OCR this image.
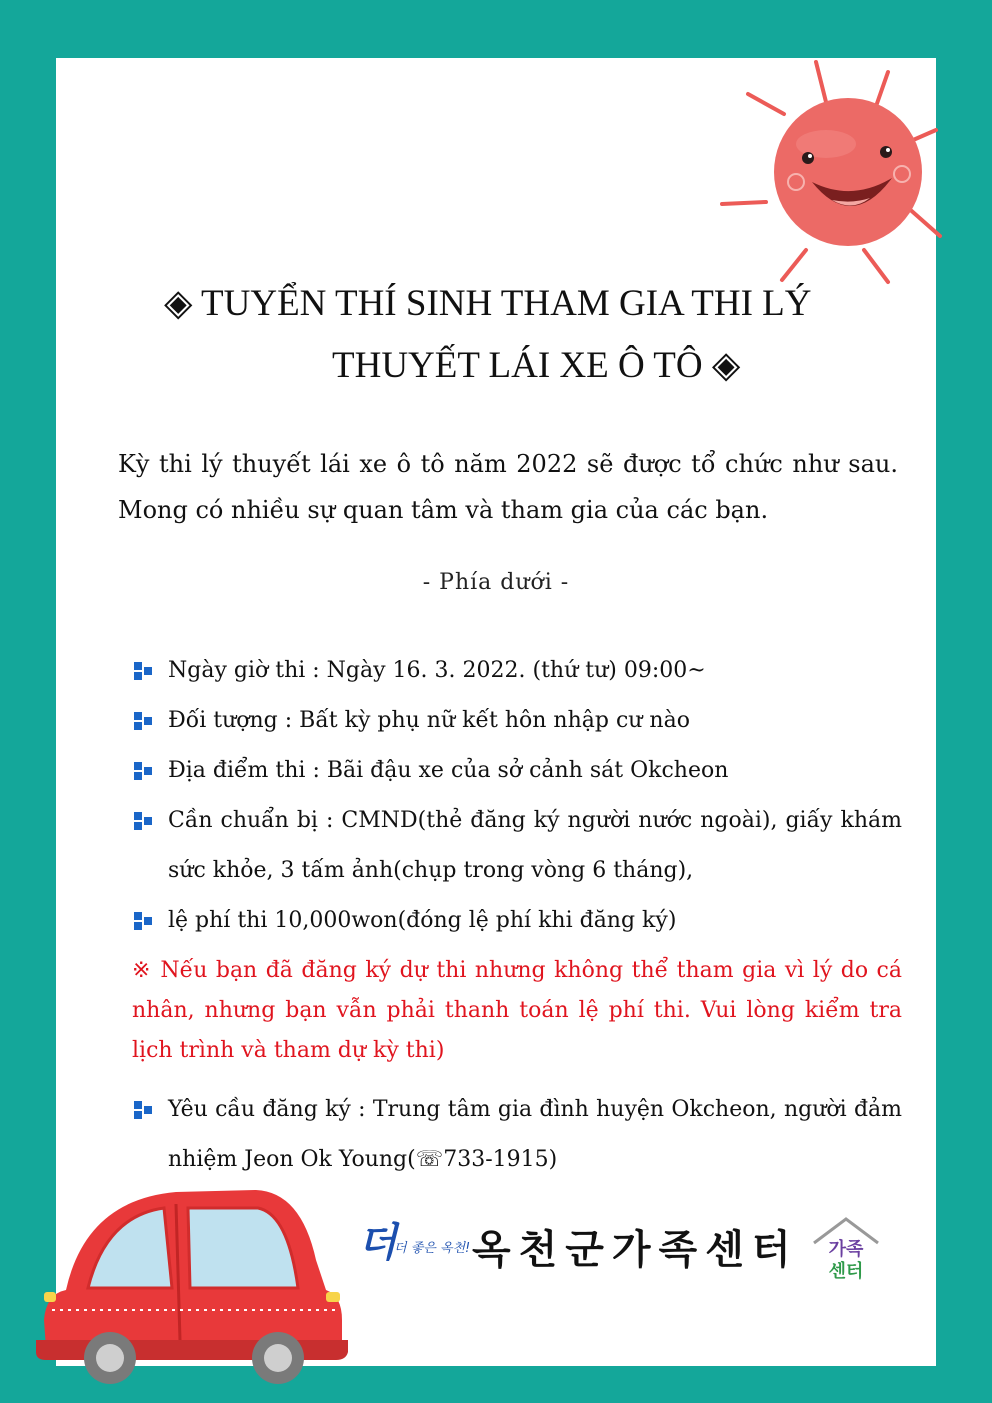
◈ TUYỂN THÍ SINH THAM GIA THI LÝ
THUYẾT LÁI XE Ô TÔ ◈
Kỳ thi lý thuyết lái xe ô tô năm 2022 sẽ được tổ chức như sau. Mong có nhiều sự quan tâm và tham gia của các bạn.
- Phía dưới -
Ngày giờ thi : Ngày 16. 3. 2022. (thứ tư) 09:00~
Đối tượng : Bất kỳ phụ nữ kết hôn nhập cư nào
Địa điểm thi : Bãi đậu xe của sở cảnh sát Okcheon
Cần chuẩn bị : CMND(thẻ đăng ký người nước ngoài), giấy khám sức khỏe, 3 tấm ảnh(chụp trong vòng 6 tháng),
lệ phí thi 10,000won(đóng lệ phí khi đăng ký)
※ Nếu bạn đã đăng ký dự thi nhưng không thể tham gia vì lý do cá nhân, nhưng bạn vẫn phải thanh toán lệ phí thi. Vui lòng kiểm tra lịch trình và tham dự kỳ thi)
Yêu cầu đăng ký : Trung tâm gia đình huyện Okcheon, người đảm nhiệm Jeon Ok Young(☏733-1915)
더
더 좋은 옥천! 옥천군가족센터 가족
센터
